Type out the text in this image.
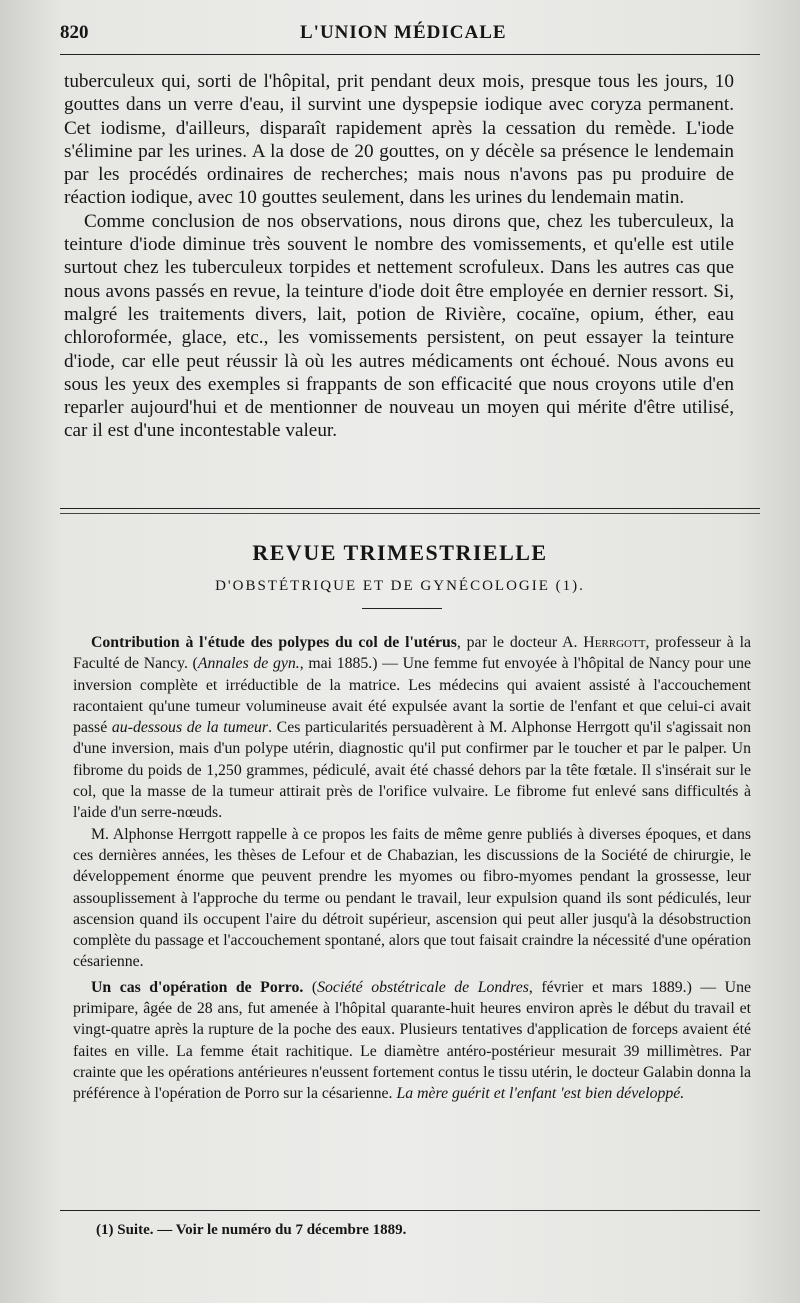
820	L'UNION MÉDICALE

tuberculeux qui, sorti de l'hôpital, prit pendant deux mois, presque tous les jours, 10 gouttes dans un verre d'eau, il survint une dyspepsie iodique avec coryza permanent. Cet iodisme, d'ailleurs, disparaît rapidement après la cessation du remède. L'iode s'élimine par les urines. A la dose de 20 gouttes, on y décèle sa présence le lendemain par les procédés ordinaires de recherches; mais nous n'avons pas pu produire de réaction iodique, avec 10 gouttes seulement, dans les urines du lendemain matin.

Comme conclusion de nos observations, nous dirons que, chez les tuberculeux, la teinture d'iode diminue très souvent le nombre des vomissements, et qu'elle est utile surtout chez les tuberculeux torpides et nettement scrofuleux. Dans les autres cas que nous avons passés en revue, la teinture d'iode doit être employée en dernier ressort. Si, malgré les traitements divers, lait, potion de Rivière, cocaïne, opium, éther, eau chloroformée, glace, etc., les vomissements persistent, on peut essayer la teinture d'iode, car elle peut réussir là où les autres médicaments ont échoué. Nous avons eu sous les yeux des exemples si frappants de son efficacité que nous croyons utile d'en reparler aujourd'hui et de mentionner de nouveau un moyen qui mérite d'être utilisé, car il est d'une incontestable valeur.

REVUE TRIMESTRIELLE
D'OBSTÉTRIQUE ET DE GYNÉCOLOGIE (1).

Contribution à l'étude des polypes du col de l'utérus, par le docteur A. Herrgott, professeur à la Faculté de Nancy. (Annales de gyn., mai 1885.) — Une femme fut envoyée à l'hôpital de Nancy pour une inversion complète et irréductible de la matrice. Les médecins qui avaient assisté à l'accouchement racontaient qu'une tumeur volumineuse avait été expulsée avant la sortie de l'enfant et que celui-ci avait passé au-dessous de la tumeur. Ces particularités persuadèrent à M. Alphonse Herrgott qu'il s'agissait non d'une inversion, mais d'un polype utérin, diagnostic qu'il put confirmer par le toucher et par le palper. Un fibrome du poids de 1,250 grammes, pédiculé, avait été chassé dehors par la tête fœtale. Il s'insérait sur le col, que la masse de la tumeur attirait près de l'orifice vulvaire. Le fibrome fut enlevé sans difficultés à l'aide d'un serre-nœuds.

M. Alphonse Herrgott rappelle à ce propos les faits de même genre publiés à diverses époques, et dans ces dernières années, les thèses de Lefour et de Chabazian, les discussions de la Société de chirurgie, le développement énorme que peuvent prendre les myomes ou fibro-myomes pendant la grossesse, leur assouplissement à l'approche du terme ou pendant le travail, leur expulsion quand ils sont pédiculés, leur ascension quand ils occupent l'aire du détroit supérieur, ascension qui peut aller jusqu'à la désobstruction complète du passage et l'accouchement spontané, alors que tout faisait craindre la nécessité d'une opération césarienne.

Un cas d'opération de Porro. (Société obstétricale de Londres, février et mars 1889.) — Une primipare, âgée de 28 ans, fut amenée à l'hôpital quarante-huit heures environ après le début du travail et vingt-quatre après la rupture de la poche des eaux. Plusieurs tentatives d'application de forceps avaient été faites en ville. La femme était rachitique. Le diamètre antéro-postérieur mesurait 39 millimètres. Par crainte que les opérations antérieures n'eussent fortement contus le tissu utérin, le docteur Galabin donna la préférence à l'opération de Porro sur la césarienne. La mère guérit et l'enfant 'est bien développé.

(1) Suite. — Voir le numéro du 7 décembre 1889.
